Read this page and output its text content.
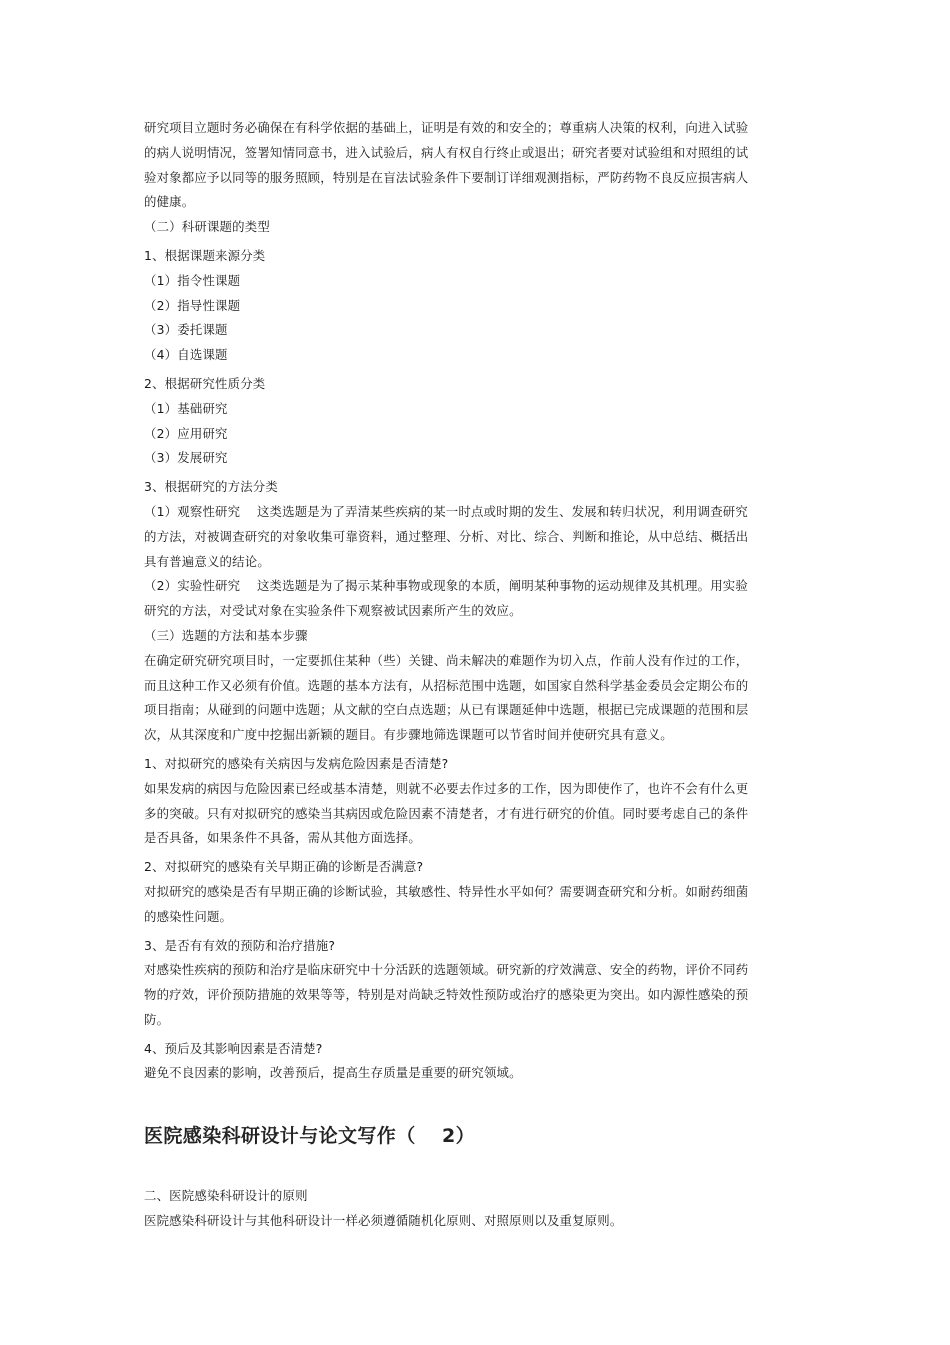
研究项目立题时务必确保在有科学依据的基础上，证明是有效的和安全的；尊重病人决策的权利，向进入试验的病人说明情况，签署知情同意书，进入试验后，病人有权自行终止或退出；研究者要对试验组和对照组的试验对象都应予以同等的服务照顾，特别是在盲法试验条件下要制订详细观测指标，严防药物不良反应损害病人的健康。

（二）科研课题的类型

1、根据课题来源分类

（1）指令性课题

（2）指导性课题

（3）委托课题

（4）自选课题

2、根据研究性质分类

（1）基础研究

（2）应用研究

（3）发展研究

3、根据研究的方法分类

（1）观察性研究　 这类选题是为了弄清某些疾病的某一时点或时期的发生、发展和转归状况，利用调查研究的方法，对被调查研究的对象收集可靠资料，通过整理、分析、对比、综合、判断和推论，从中总结、概括出具有普遍意义的结论。

（2）实验性研究　 这类选题是为了揭示某种事物或现象的本质，阐明某种事物的运动规律及其机理。用实验研究的方法，对受试对象在实验条件下观察被试因素所产生的效应。

（三）选题的方法和基本步骤

在确定研究研究项目时，一定要抓住某种（些）关键、尚未解决的难题作为切入点，作前人没有作过的工作，而且这种工作又必须有价值。选题的基本方法有，从招标范围中选题，如国家自然科学基金委员会定期公布的项目指南；从碰到的问题中选题；从文献的空白点选题；从已有课题延伸中选题，根据已完成课题的范围和层次，从其深度和广度中挖掘出新颖的题目。有步骤地筛选课题可以节省时间并使研究具有意义。

1、对拟研究的感染有关病因与发病危险因素是否清楚?

如果发病的病因与危险因素已经或基本清楚，则就不必要去作过多的工作，因为即使作了，也许不会有什么更多的突破。只有对拟研究的感染当其病因或危险因素不清楚者，才有进行研究的价值。同时要考虑自己的条件是否具备，如果条件不具备，需从其他方面选择。

2、对拟研究的感染有关早期正确的诊断是否满意?

对拟研究的感染是否有早期正确的诊断试验，其敏感性、特异性水平如何？需要调查研究和分析。如耐药细菌的感染性问题。

3、是否有有效的预防和治疗措施?

对感染性疾病的预防和治疗是临床研究中十分活跃的选题领域。研究新的疗效满意、安全的药物，评价不同药物的疗效，评价预防措施的效果等等，特别是对尚缺乏特效性预防或治疗的感染更为突出。如内源性感染的预防。

4、预后及其影响因素是否清楚?

避免不良因素的影响，改善预后，提高生存质量是重要的研究领域。

医院感染科研设计与论文写作（　 2）

二、医院感染科研设计的原则

医院感染科研设计与其他科研设计一样必须遵循随机化原则、对照原则以及重复原则。
